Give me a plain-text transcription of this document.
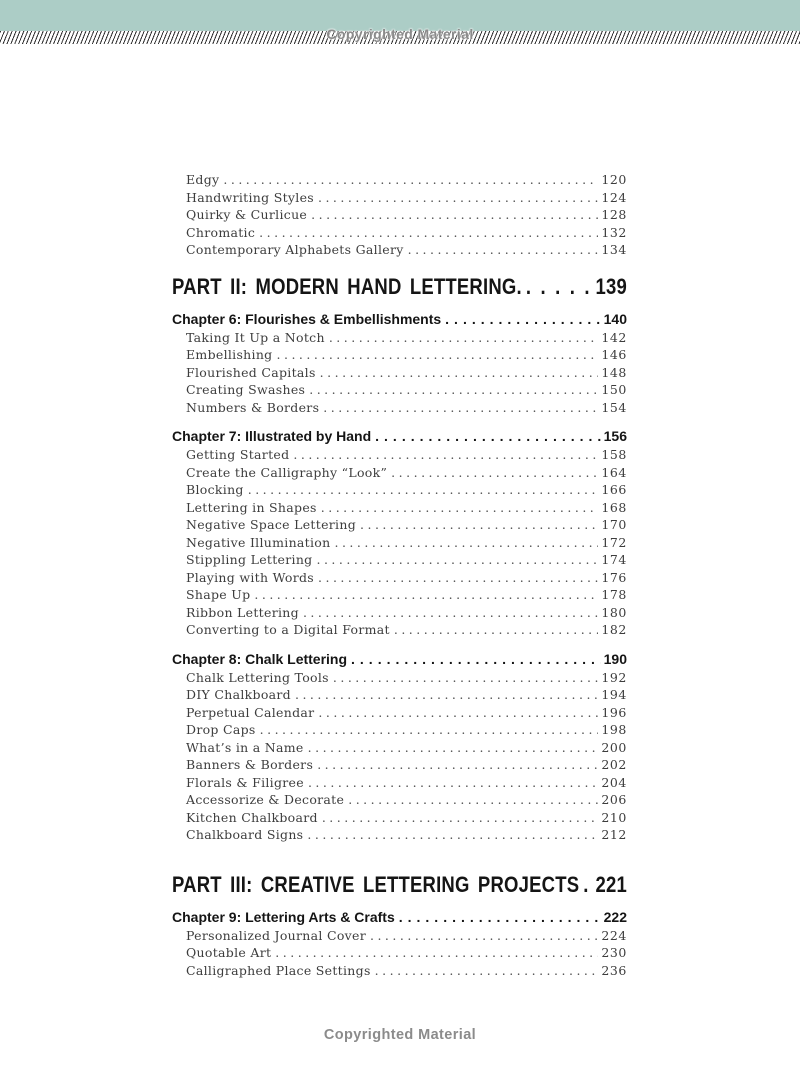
Copyrighted Material
Edgy .....	120
Handwriting Styles .....	124
Quirky & Curlicue .....	128
Chromatic .....	132
Contemporary Alphabets Gallery .....	134
PART II: MODERN HAND LETTERING. .....	139
Chapter 6: Flourishes & Embellishments .....	140
Taking It Up a Notch .....	142
Embellishing .....	146
Flourished Capitals .....	148
Creating Swashes .....	150
Numbers & Borders .....	154
Chapter 7: Illustrated by Hand .....	156
Getting Started .....	158
Create the Calligraphy “Look” .....	164
Blocking .....	166
Lettering in Shapes .....	168
Negative Space Lettering .....	170
Negative Illumination .....	172
Stippling Lettering .....	174
Playing with Words .....	176
Shape Up .....	178
Ribbon Lettering .....	180
Converting to a Digital Format .....	182
Chapter 8: Chalk Lettering .....	190
Chalk Lettering Tools .....	192
DIY Chalkboard .....	194
Perpetual Calendar .....	196
Drop Caps .....	198
What’s in a Name .....	200
Banners & Borders .....	202
Florals & Filigree .....	204
Accessorize & Decorate .....	206
Kitchen Chalkboard .....	210
Chalkboard Signs .....	212
PART III: CREATIVE LETTERING PROJECTS ..... 221
Chapter 9: Lettering Arts & Crafts .....	222
Personalized Journal Cover .....	224
Quotable Art .....	230
Calligraphed Place Settings .....	236
Copyrighted Material
